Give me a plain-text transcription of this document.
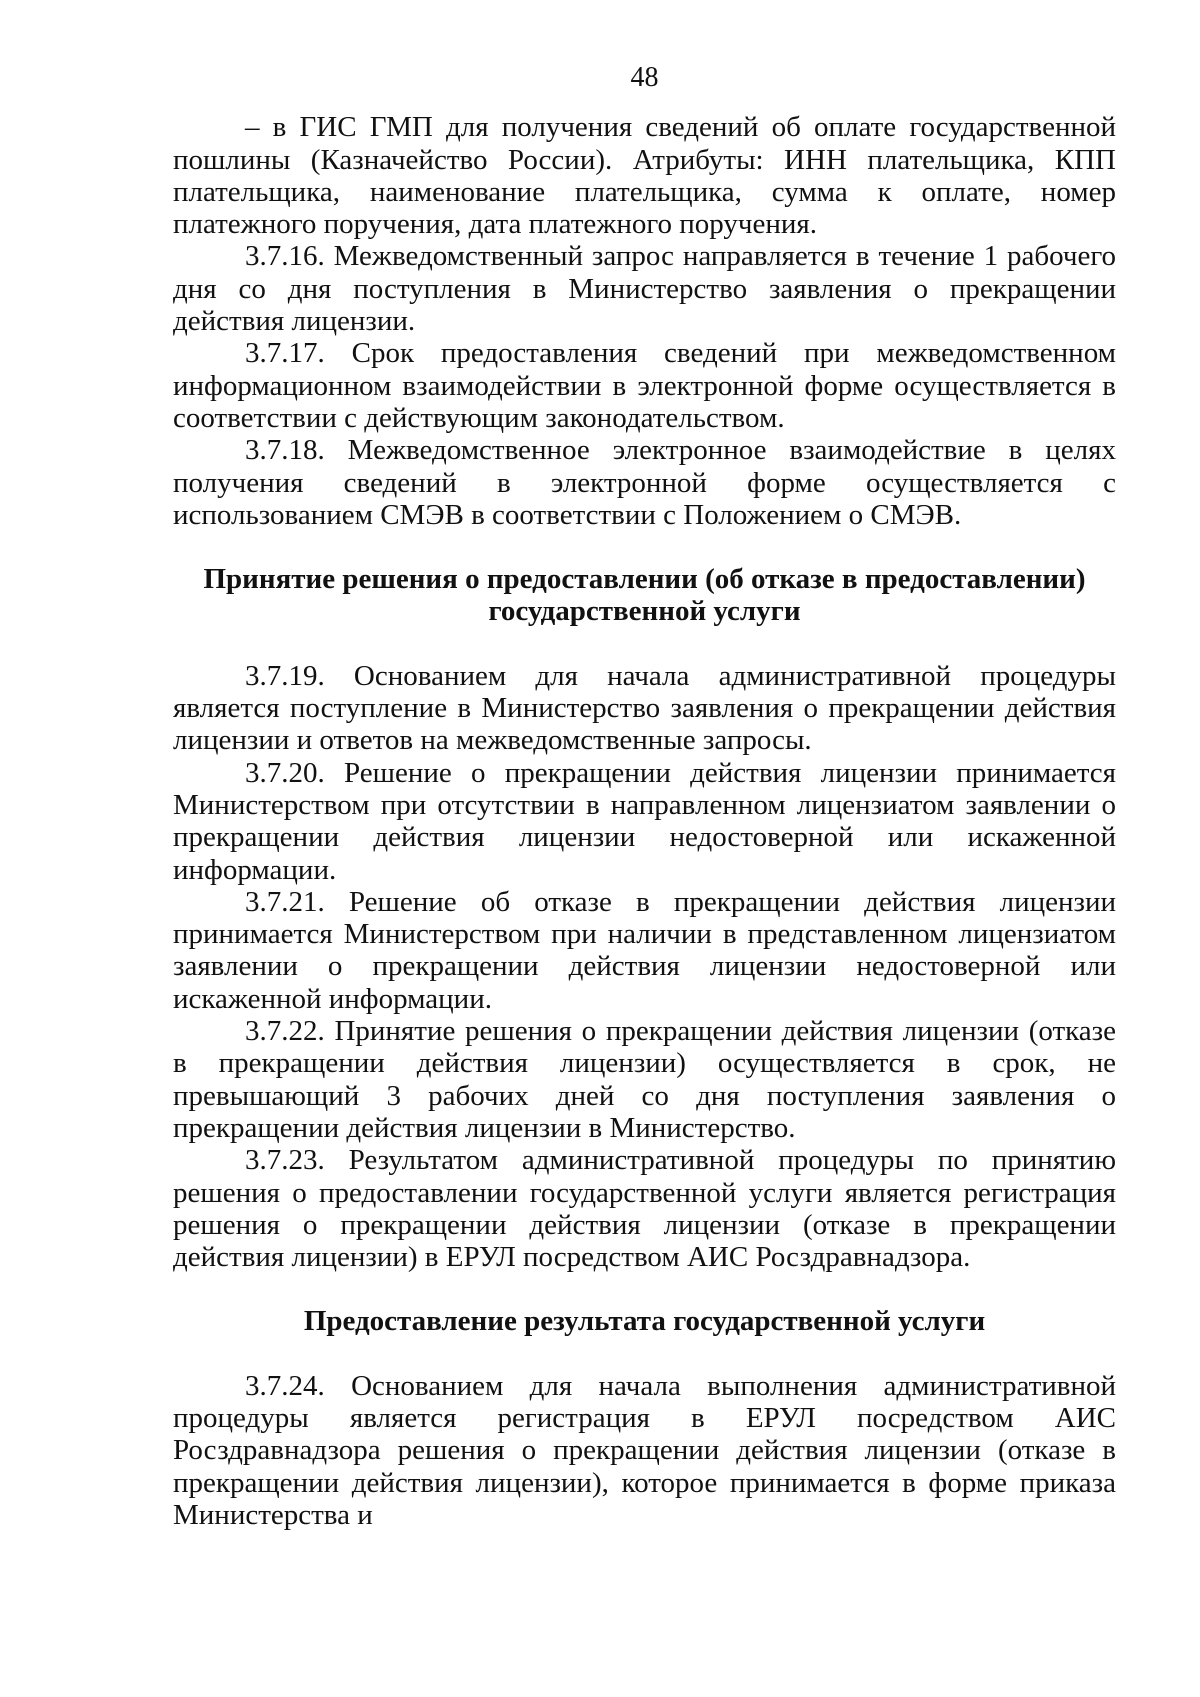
48

– в ГИС ГМП для получения сведений об оплате государственной пошлины (Казначейство России). Атрибуты: ИНН плательщика, КПП плательщика, наименование плательщика, сумма к оплате, номер платежного поручения, дата платежного поручения.

3.7.16. Межведомственный запрос направляется в течение 1 рабочего дня со дня поступления в Министерство заявления о прекращении действия лицензии.

3.7.17. Срок предоставления сведений при межведомственном информационном взаимодействии в электронной форме осуществляется в соответствии с действующим законодательством.

3.7.18. Межведомственное электронное взаимодействие в целях получения сведений в электронной форме осуществляется с использованием СМЭВ в соответствии с Положением о СМЭВ.

Принятие решения о предоставлении (об отказе в предоставлении)
государственной услуги

3.7.19. Основанием для начала административной процедуры является поступление в Министерство заявления о прекращении действия лицензии и ответов на межведомственные запросы.

3.7.20. Решение о прекращении действия лицензии принимается Министерством при отсутствии в направленном лицензиатом заявлении о прекращении действия лицензии недостоверной или искаженной информации.

3.7.21. Решение об отказе в прекращении действия лицензии принимается Министерством при наличии в представленном лицензиатом заявлении о прекращении действия лицензии недостоверной или искаженной информации.

3.7.22. Принятие решения о прекращении действия лицензии (отказе в прекращении действия лицензии) осуществляется в срок, не превышающий 3 рабочих дней со дня поступления заявления о прекращении действия лицензии в Министерство.

3.7.23. Результатом административной процедуры по принятию решения о предоставлении государственной услуги является регистрация решения о прекращении действия лицензии (отказе в прекращении действия лицензии) в ЕРУЛ посредством АИС Росздравнадзора.

Предоставление результата государственной услуги

3.7.24. Основанием для начала выполнения административной процедуры является регистрация в ЕРУЛ посредством АИС Росздравнадзора решения о прекращении действия лицензии (отказе в прекращении действия лицензии), которое принимается в форме приказа Министерства и
